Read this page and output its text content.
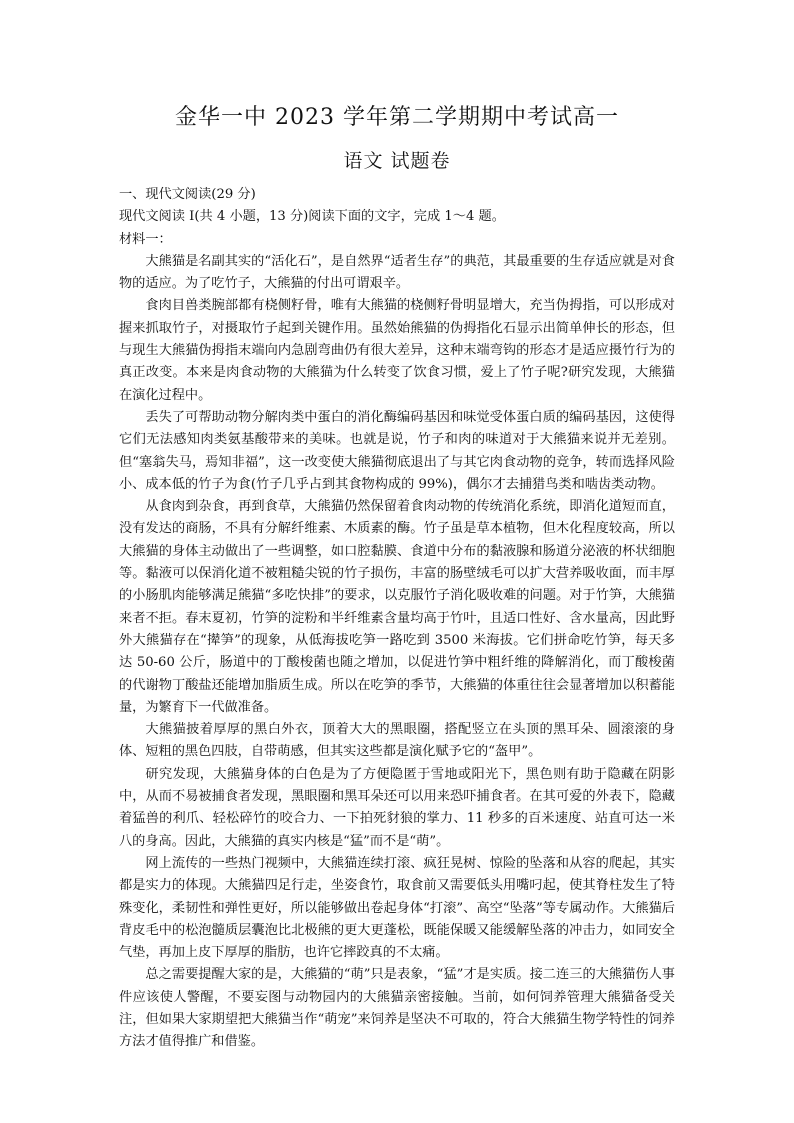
金华一中 2023 学年第二学期期中考试高一
语文 试题卷

一、现代文阅读(29 分)

现代文阅读 I(共 4 小题，13 分)阅读下面的文字，完成 1～4 题。

材料一：

大熊猫是名副其实的“活化石”，是自然界“适者生存”的典范，其最重要的生存适应就是对食物的适应。为了吃竹子，大熊猫的付出可谓艰辛。

食肉目兽类腕部都有桡侧籽骨，唯有大熊猫的桡侧籽骨明显增大，充当伪拇指，可以形成对握来抓取竹子，对摄取竹子起到关键作用。虽然始熊猫的伪拇指化石显示出简单伸长的形态，但与现生大熊猫伪拇指末端向内急剧弯曲仍有很大差异，这种末端弯钩的形态才是适应摄竹行为的真正改变。本来是肉食动物的大熊猫为什么转变了饮食习惯，爱上了竹子呢?研究发现，大熊猫在演化过程中。

丢失了可帮助动物分解肉类中蛋白的消化酶编码基因和味觉受体蛋白质的编码基因，这使得它们无法感知肉类氨基酸带来的美味。也就是说，竹子和肉的味道对于大熊猫来说并无差别。但“塞翁失马，焉知非福”，这一改变使大熊猫彻底退出了与其它肉食动物的竞争，转而选择风险小、成本低的竹子为食(竹子几乎占到其食物构成的 99%)，偶尔才去捕猎鸟类和啮齿类动物。

从食肉到杂食，再到食草，大熊猫仍然保留着食肉动物的传统消化系统，即消化道短而直，没有发达的商肠，不具有分解纤维素、木质素的酶。竹子虽是草本植物，但木化程度较高，所以大熊猫的身体主动做出了一些调整，如口腔黏膜、食道中分布的黏液腺和肠道分泌液的杯状细胞等。黏液可以保消化道不被粗糙尖锐的竹子损伤，丰富的肠壁绒毛可以扩大营养吸收面，而丰厚的小肠肌肉能够满足熊猫“多吃快排”的要求，以克服竹子消化吸收难的问题。对于竹笋，大熊猫来者不拒。春末夏初，竹笋的淀粉和半纤维素含量均高于竹叶，且适口性好、含水量高，因此野外大熊猫存在“撵笋”的现象，从低海拔吃笋一路吃到 3500 米海拔。它们拼命吃竹笋，每天多达 50-60 公斤，肠道中的丁酸梭菌也随之增加，以促进竹笋中粗纤维的降解消化，而丁酸梭菌的代谢物丁酸盐还能增加脂质生成。所以在吃笋的季节，大熊猫的体重往往会显著增加以积蓄能量，为繁育下一代做准备。

大熊猫披着厚厚的黑白外衣，顶着大大的黑眼圈，搭配竖立在头顶的黑耳朵、圆滚滚的身体、短粗的黑色四肢，自带萌感，但其实这些都是演化赋予它的“盔甲”。

研究发现，大熊猫身体的白色是为了方便隐匿于雪地或阳光下，黑色则有助于隐藏在阴影中，从而不易被捕食者发现，黑眼圈和黑耳朵还可以用来恐吓捕食者。在其可爱的外表下，隐藏着猛兽的利爪、轻松碎竹的咬合力、一下拍死豺狼的掌力、11 秒多的百米速度、站直可达一米八的身高。因此，大熊猫的真实内核是“猛”而不是“萌”。

网上流传的一些热门视频中，大熊猫连续打滚、疯狂晃树、惊险的坠落和从容的爬起，其实都是实力的体现。大熊猫四足行走，坐姿食竹，取食前又需要低头用嘴叼起，使其脊柱发生了特殊变化，柔韧性和弹性更好，所以能够做出卷起身体“打滚”、高空“坠落”等专属动作。大熊猫后背皮毛中的松泡髓质层囊泡比北极熊的更大更蓬松，既能保暖又能缓解坠落的冲击力，如同安全气垫，再加上皮下厚厚的脂肪，也许它摔跤真的不太痛。

总之需要提醒大家的是，大熊猫的“萌”只是表象，“猛”才是实质。接二连三的大熊猫伤人事件应该使人警醒，不要妄图与动物园内的大熊猫亲密接触。当前，如何饲养管理大熊猫备受关注，但如果大家期望把大熊猫当作“萌宠”来饲养是坚决不可取的，符合大熊猫生物学特性的饲养方法才值得推广和借鉴。
